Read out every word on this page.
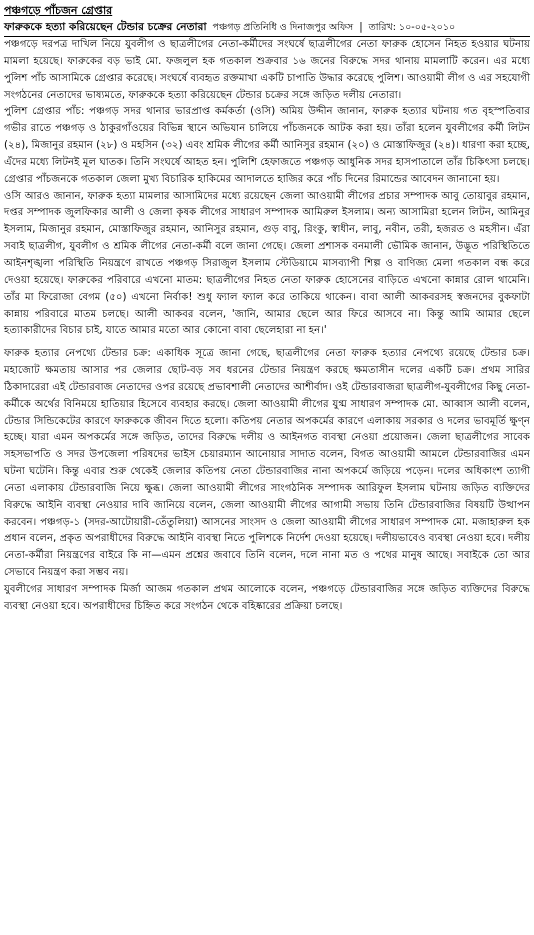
পঞ্চগড়ে পাঁচজন গ্রেপ্তার
ফারুককে হত্যা করিয়েছেন টেন্ডার চক্রের নেতারা পঞ্চগড় প্রতিনিধি ও দিনাজপুর অফিস | তারিখ: ১০-০৫-২০১০

পঞ্চগড়ে দরপত্র দাখিল নিয়ে যুবলীগ ও ছাত্রলীগের নেতা-কর্মীদের সংঘর্ষে ছাত্রলীগের নেতা ফারুক হোসেন নিহত হওয়ার ঘটনায় মামলা হয়েছে। ফারুকের বড় ভাই মো. ফজলুল হক গতকাল শুক্রবার ১৬ জনের বিরুদ্ধে সদর থানায় মামলাটি করেন। এর মধ্যে পুলিশ পাঁচ আসামিকে গ্রেপ্তার করেছে। সংঘর্ষে ব্যবহৃত রক্তমাখা একটি চাপাতি উদ্ধার করেছে পুলিশ। আওয়ামী লীগ ও এর সহযোগী সংগঠনের নেতাদের ভাষ্যমতে, ফারুককে হত্যা করিয়েছেন টেন্ডার চক্রের সঙ্গে জড়িত দলীয় নেতারা।
পুলিশ গ্রেপ্তার পাঁচ: পঞ্চগড় সদর থানার ভারপ্রাপ্ত কর্মকর্তা (ওসি) অমিয় উদ্দীন জানান, ফারুক হত্যার ঘটনায় গত বৃহস্পতিবার গভীর রাতে পঞ্চগড় ও ঠাকুরগাঁওয়ের বিভিন্ন স্থানে অভিযান চালিয়ে পাঁচজনকে আটক করা হয়। তাঁরা হলেন যুবলীগের কর্মী লিটন (২৪), মিজানুর রহমান (২৮) ও মহসিন (৩২) এবং শ্রমিক লীগের কর্মী আনিসুর রহমান (২০) ও মোস্তাফিজুর (২৪)। ধারণা করা হচ্ছে, এঁদের মধ্যে লিটনই মূল ঘাতক। তিনি সংঘর্ষে আহত হন। পুলিশি হেফাজতে পঞ্চগড় আধুনিক সদর হাসপাতালে তাঁর চিকিৎসা চলছে। গ্রেপ্তার পাঁচজনকে গতকাল জেলা মুখ্য বিচারিক হাকিমের আদালতে হাজির করে পাঁচ দিনের রিমান্ডের আবেদন জানানো হয়।
ওসি আরও জানান, ফারুক হত্যা মামলার আসামিদের মধ্যে রয়েছেন জেলা আওয়ামী লীগের প্রচার সম্পাদক আবু তোয়াবুর রহমান, দপ্তর সম্পাদক জুলফিকার আলী ও জেলা কৃষক লীগের সাধারণ সম্পাদক আমিরুল ইসলাম। অন্য আসামিরা হলেন লিটন, আমিনুর ইসলাম, মিজানুর রহমান, মোস্তাফিজুর রহমান, আনিসুর রহমান, গুড় বাবু, রিংকু, স্বাধীন, লাবু, নবীন, তরী, হজরত ও মহসীন। এঁরা সবাই ছাত্রলীগ, যুবলীগ ও শ্রমিক লীগের নেতা-কর্মী বলে জানা গেছে। জেলা প্রশাসক বনমালী ভৌমিক জানান, উদ্ভূত পরিস্থিতিতে আইনশৃঙ্খলা পরিস্থিতি নিয়ন্ত্রণে রাখতে পঞ্চগড় সিরাজুল ইসলাম স্টেডিয়ামে মাসব্যাপী শিল্প ও বাণিজ্য মেলা গতকাল বন্ধ করে দেওয়া হয়েছে। ফারুকের পরিবারে এখনো মাতম: ছাত্রলীগের নিহত নেতা ফারুক হোসেনের বাড়িতে এখনো কান্নার রোল থামেনি। তাঁর মা ফিরোজা বেগম (৫০) এখনো নির্বাক! শুধু ফ্যাল ফ্যাল করে তাকিয়ে থাকেন। বাবা আলী আকবরসহ স্বজনদের বুকফাটা কান্নায় পরিবারে মাতম চলছে। আলী আকবর বলেন, 'জানি, আমার ছেলে আর ফিরে আসবে না। কিন্তু আমি আমার ছেলে হত্যাকারীদের বিচার চাই, যাতে আমার মতো আর কোনো বাবা ছেলেহারা না হন।'

ফারুক হত্যার নেপথ্যে টেন্ডার চক্র: একাধিক সূত্রে জানা গেছে, ছাত্রলীগের নেতা ফারুক হত্যার নেপথ্যে রয়েছে টেন্ডার চক্র। মহাজোট ক্ষমতায় আসার পর জেলার ছোট-বড় সব ধরনের টেন্ডার নিয়ন্ত্রণ করছে ক্ষমতাসীন দলের একটি চক্র। প্রথম সারির ঠিকাদারেরা এই টেন্ডারবাজ নেতাদের ওপর রয়েছে প্রভাবশালী নেতাদের আশীর্বাদ। ওই টেন্ডারবাজরা ছাত্রলীগ-যুবলীগের কিছু নেতা-কর্মীকে অর্থের বিনিময়ে হাতিয়ার হিসেবে ব্যবহার করছে। জেলা আওয়ামী লীগের যুগ্ম সাধারণ সম্পাদক মো. আব্বাস আলী বলেন, টেন্ডার সিন্ডিকেটের কারণে ফারুককে জীবন দিতে হলো। কতিপয় নেতার অপকর্মের কারণে এলাকায় সরকার ও দলের ভাবমূর্তি ক্ষুণ্ন হচ্ছে। যারা এমন অপকর্মের সঙ্গে জড়িত, তাদের বিরুদ্ধে দলীয় ও আইনগত ব্যবস্থা নেওয়া প্রয়োজন। জেলা ছাত্রলীগের সাবেক সহসভাপতি ও সদর উপজেলা পরিষদের ভাইস চেয়ারম্যান আনোয়ার সাদাত বলেন, বিগত আওয়ামী আমলে টেন্ডারবাজির এমন ঘটনা ঘটেনি। কিন্তু এবার শুরু থেকেই জেলার কতিপয় নেতা টেন্ডারবাজির নানা অপকর্মে জড়িয়ে পড়েন। দলের অধিকাংশ ত্যাগী নেতা এলাকায় টেন্ডারবাজি নিয়ে ক্ষুব্ধ। জেলা আওয়ামী লীগের সাংগঠনিক সম্পাদক আরিফুল ইসলাম ঘটনায় জড়িত ব্যক্তিদের বিরুদ্ধে আইনি ব্যবস্থা নেওয়ার দাবি জানিয়ে বলেন, জেলা আওয়ামী লীগের আগামী সভায় তিনি টেন্ডারবাজির বিষয়টি উত্থাপন করবেন। পঞ্চগড়-১ (সদর-আটোয়ারী-তেঁতুলিয়া) আসনের সাংসদ ও জেলা আওয়ামী লীগের সাধারণ সম্পাদক মো. মজাহারুল হক প্রধান বলেন, প্রকৃত অপরাধীদের বিরুদ্ধে আইনি ব্যবস্থা নিতে পুলিশকে নির্দেশ দেওয়া হয়েছে। দলীয়ভাবেও ব্যবস্থা নেওয়া হবে। দলীয় নেতা-কর্মীরা নিয়ন্ত্রণের বাইরে কি না—এমন প্রশ্নের জবাবে তিনি বলেন, দলে নানা মত ও পথের মানুষ আছে। সবাইকে তো আর সেভাবে নিয়ন্ত্রণ করা সম্ভব নয়।
যুবলীগের সাধারণ সম্পাদক মির্জা আজম গতকাল প্রথম আলোকে বলেন, পঞ্চগড়ে টেন্ডারবাজির সঙ্গে জড়িত ব্যক্তিদের বিরুদ্ধে ব্যবস্থা নেওয়া হবে। অপরাধীদের চিহ্নিত করে সংগঠন থেকে বহিষ্কারের প্রক্রিয়া চলছে।
